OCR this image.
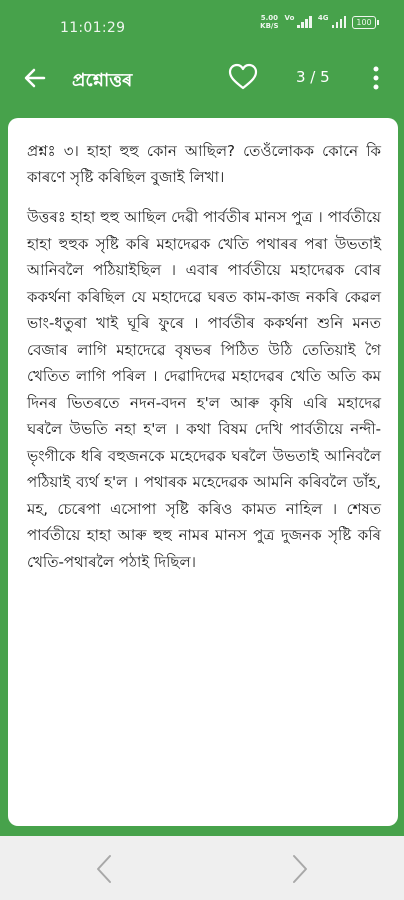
11:01:29
5.00
KB/S
Vo	4G	100
প্ৰশ্নোত্তৰ	3 / 5

প্ৰশ্নঃ ৩। হাহা হুহু কোন আছিল? তেওঁলোকক কোনে কি কাৰণে সৃষ্টি কৰিছিল বুজাই লিখা।

উত্তৰঃ হাহা হুহু আছিল দেৱী পাৰ্বতীৰ মানস পুত্ৰ । পাৰ্বতীয়ে হাহা হুহুক সৃষ্টি কৰি মহাদেৱক খেতি পথাৰৰ পৰা উভতাই আনিবলৈ পঠিয়াইছিল । এবাৰ পাৰ্বতীয়ে মহাদেৱক বোৰ ককৰ্থনা কৰিছিল যে মহাদেৱে ঘৰত কাম-কাজ নকৰি কেৱল ভাং-ধতুৰা খাই ঘূৰি ফুৰে । পাৰ্বতীৰ ককৰ্থনা শুনি মনত বেজাৰ লাগি মহাদেৱে বৃষভৰ পিঠিত উঠি তেতিয়াই গৈ খেতিত লাগি পৰিল । দেৱাদিদেৱ মহাদেৱৰ খেতি অতি কম দিনৰ ভিতৰতে নদন-বদন হ'ল আৰু কৃষি এৰি মহাদেৱ ঘৰলৈ উভতি নহা হ'ল । কথা বিষম দেখি পাৰ্বতীয়ে নন্দী-ভৃংগীকে ধৰি বহুজনকে মহেদেৱক ঘৰলৈ উভতাই আনিবলৈ পঠিয়াই ব্যৰ্থ হ'ল । পথাৰক মহেদেৱক আমনি কৰিবলৈ ডাঁহ, মহ, চেৰেপা এসোপা সৃষ্টি কৰিও কামত নাহিল । শেষত পাৰ্বতীয়ে হাহা আৰু হুহু নামৰ মানস পুত্ৰ দুজনক সৃষ্টি কৰি খেতি-পথাৰলৈ পঠাই দিছিল।
